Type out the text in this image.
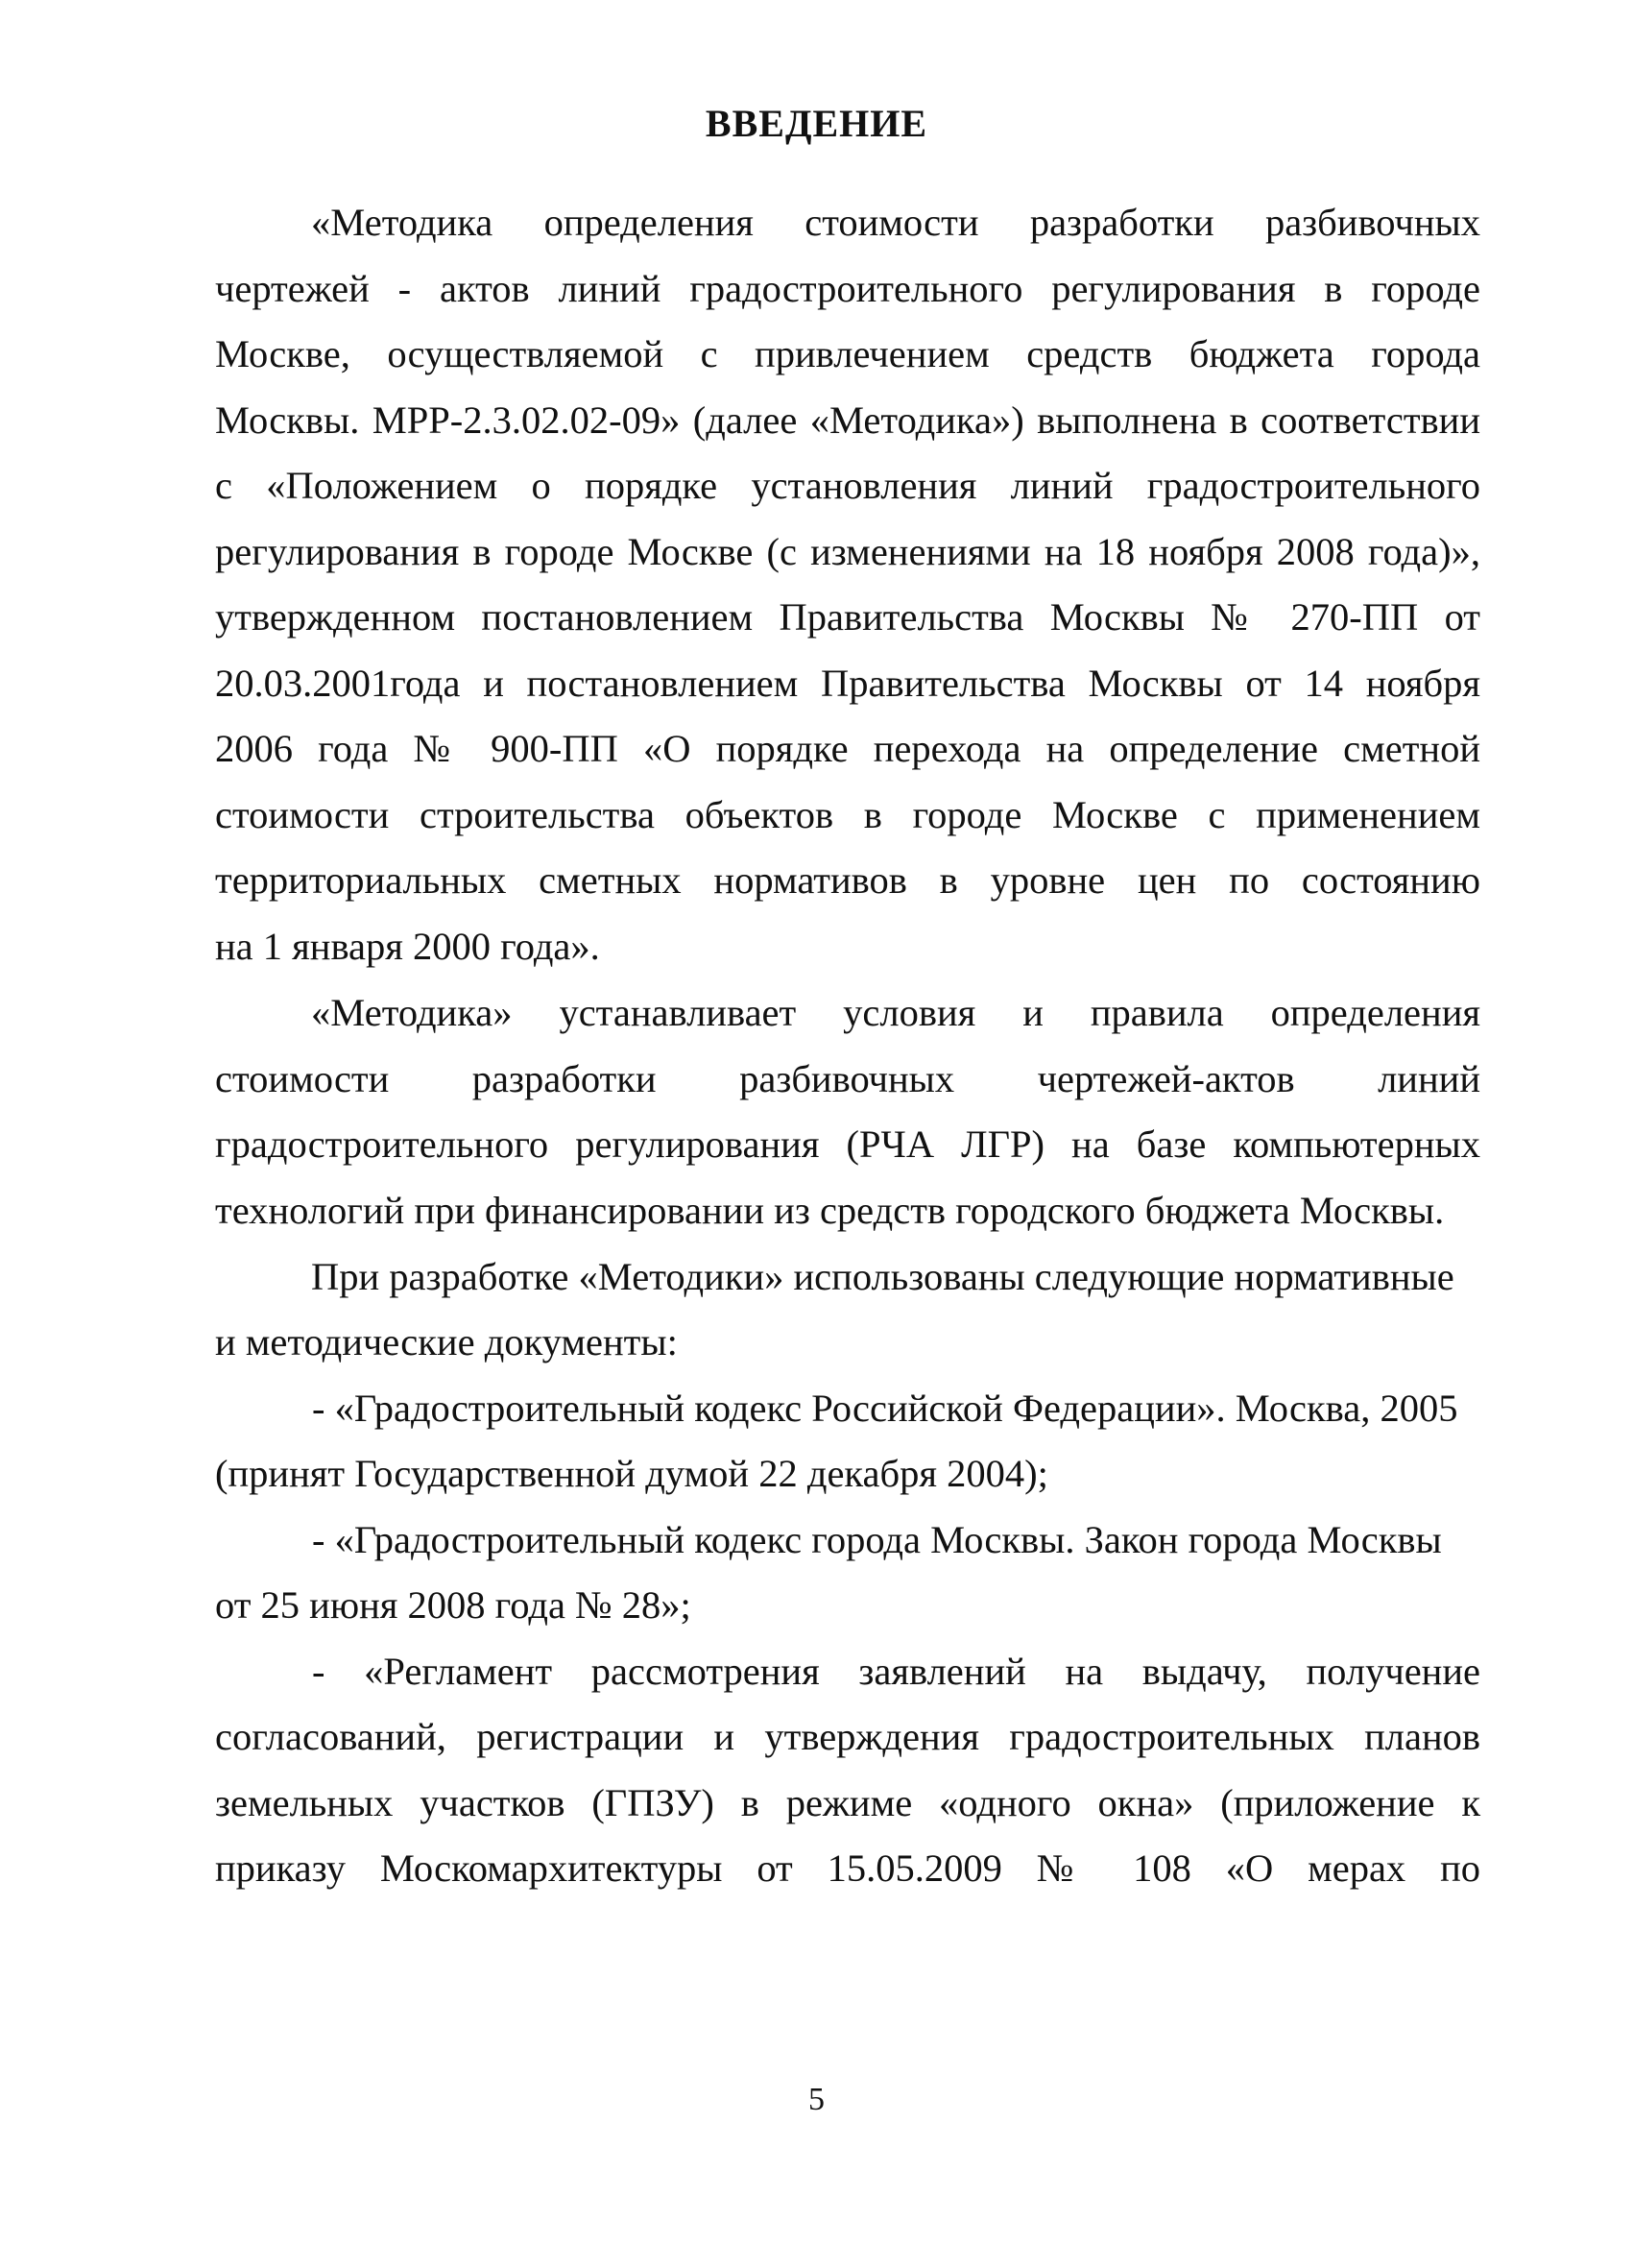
ВВЕДЕНИЕ
«Методика определения стоимости разработки разбивочных
чертежей - актов линий градостроительного регулирования в городе
Москве, осуществляемой с привлечением средств бюджета города
Москвы. МРР-2.3.02.02-09» (далее «Методика») выполнена в соответствии
с «Положением о порядке установления линий градостроительного
регулирования в городе Москве (с изменениями на 18 ноября 2008 года)»,
утвержденном постановлением Правительства Москвы № 270-ПП от
20.03.2001года и постановлением Правительства Москвы от 14 ноября
2006 года № 900-ПП «О порядке перехода на определение сметной
стоимости строительства объектов в городе Москве с применением
территориальных сметных нормативов в уровне цен по состоянию
на 1 января 2000 года».
«Методика» устанавливает условия и правила определения
стоимости разработки разбивочных чертежей-актов линий
градостроительного регулирования (РЧА ЛГР) на базе компьютерных
технологий при финансировании из средств городского бюджета Москвы.
При разработке «Методики» использованы следующие нормативные
и методические документы:
- «Градостроительный кодекс Российской Федерации». Москва, 2005
(принят Государственной думой 22 декабря 2004);
- «Градостроительный кодекс города Москвы. Закон города Москвы
от 25 июня 2008 года № 28»;
- «Регламент рассмотрения заявлений на выдачу, получение
согласований, регистрации и утверждения градостроительных планов
земельных участков (ГПЗУ) в режиме «одного окна» (приложение к
приказу Москомархитектуры от 15.05.2009 № 108 «О мерах по
5
